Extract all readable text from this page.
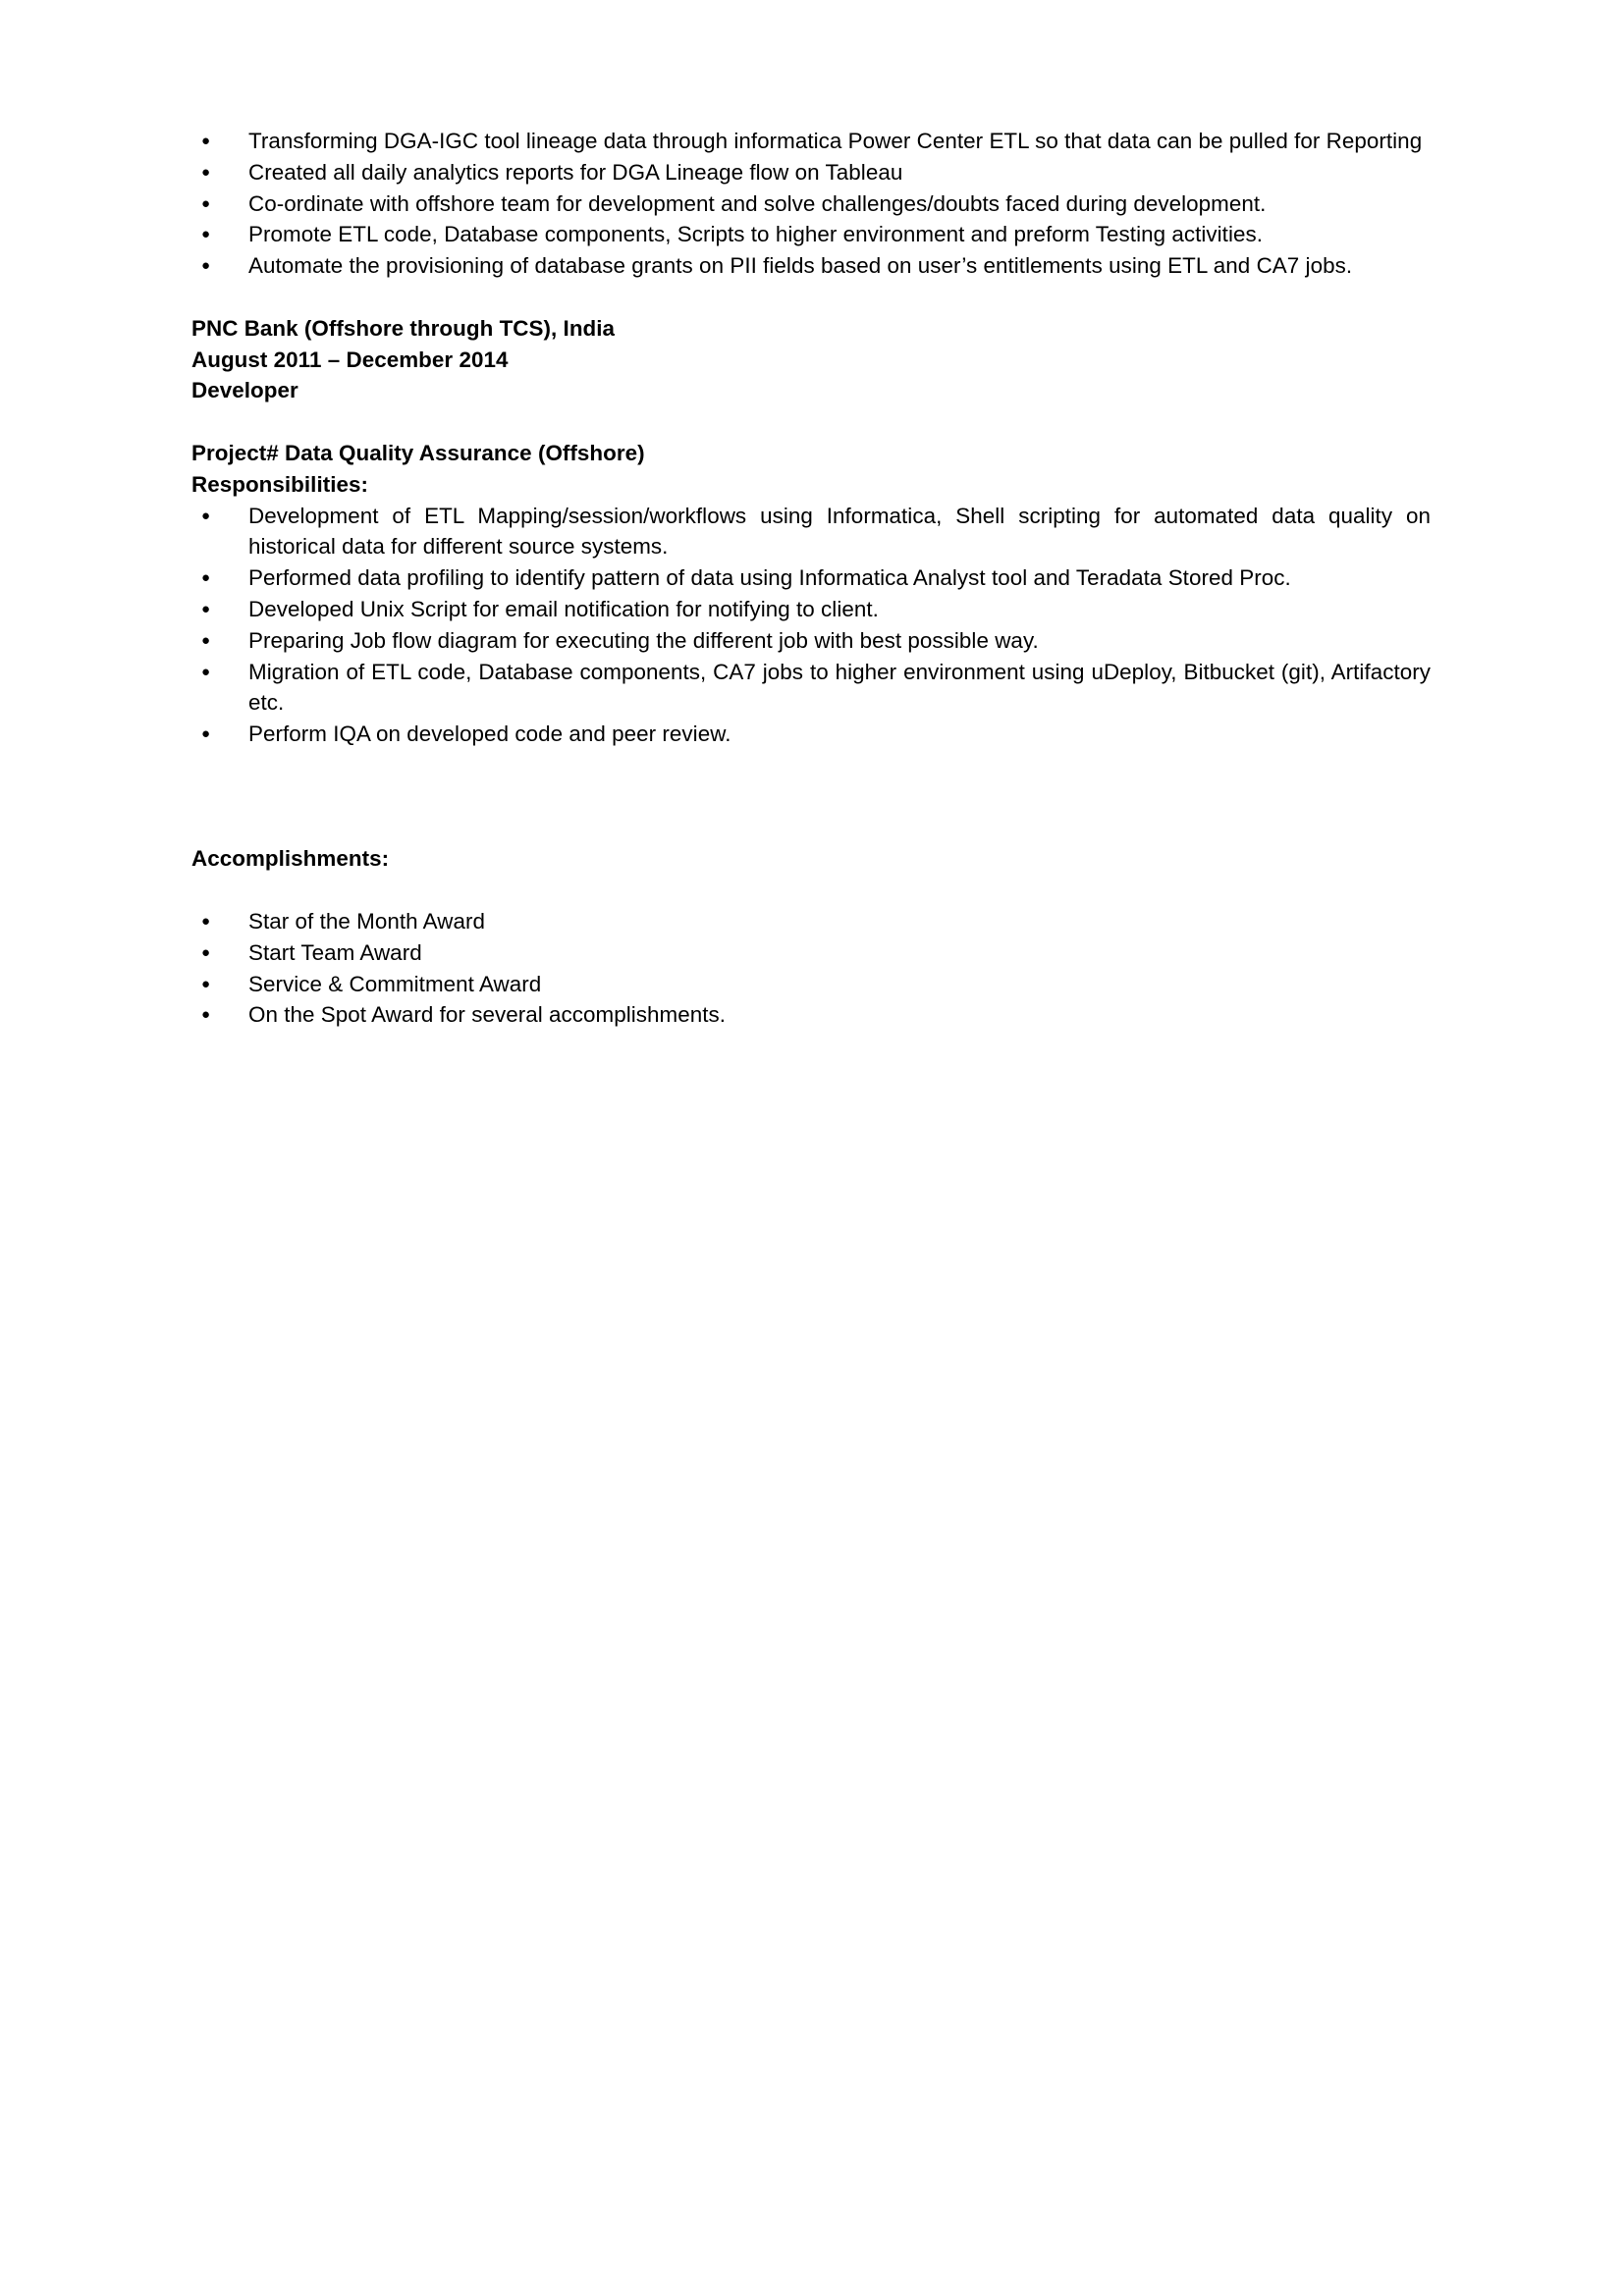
● Transforming DGA-IGC tool lineage data through informatica Power Center ETL so that data can be pulled for Reporting
● Created all daily analytics reports for DGA Lineage flow on Tableau
● Co-ordinate with offshore team for development and solve challenges/doubts faced during development.
● Promote ETL code, Database components, Scripts to higher environment and preform Testing activities.
● Automate the provisioning of database grants on PII fields based on user’s entitlements using ETL and CA7 jobs.
PNC Bank (Offshore through TCS), India
August 2011 – December 2014
Developer
Project# Data Quality Assurance (Offshore)
Responsibilities:
● Development of ETL Mapping/session/workflows using Informatica, Shell scripting for automated data quality on historical data for different source systems.
● Performed data profiling to identify pattern of data using Informatica Analyst tool and Teradata Stored Proc.
● Developed Unix Script for email notification for notifying to client.
● Preparing Job flow diagram for executing the different job with best possible way.
● Migration of ETL code, Database components, CA7 jobs to higher environment using uDeploy, Bitbucket (git), Artifactory etc.
● Perform IQA on developed code and peer review.
Accomplishments:
● Star of the Month Award
● Start Team Award
● Service & Commitment Award
● On the Spot Award for several accomplishments.
